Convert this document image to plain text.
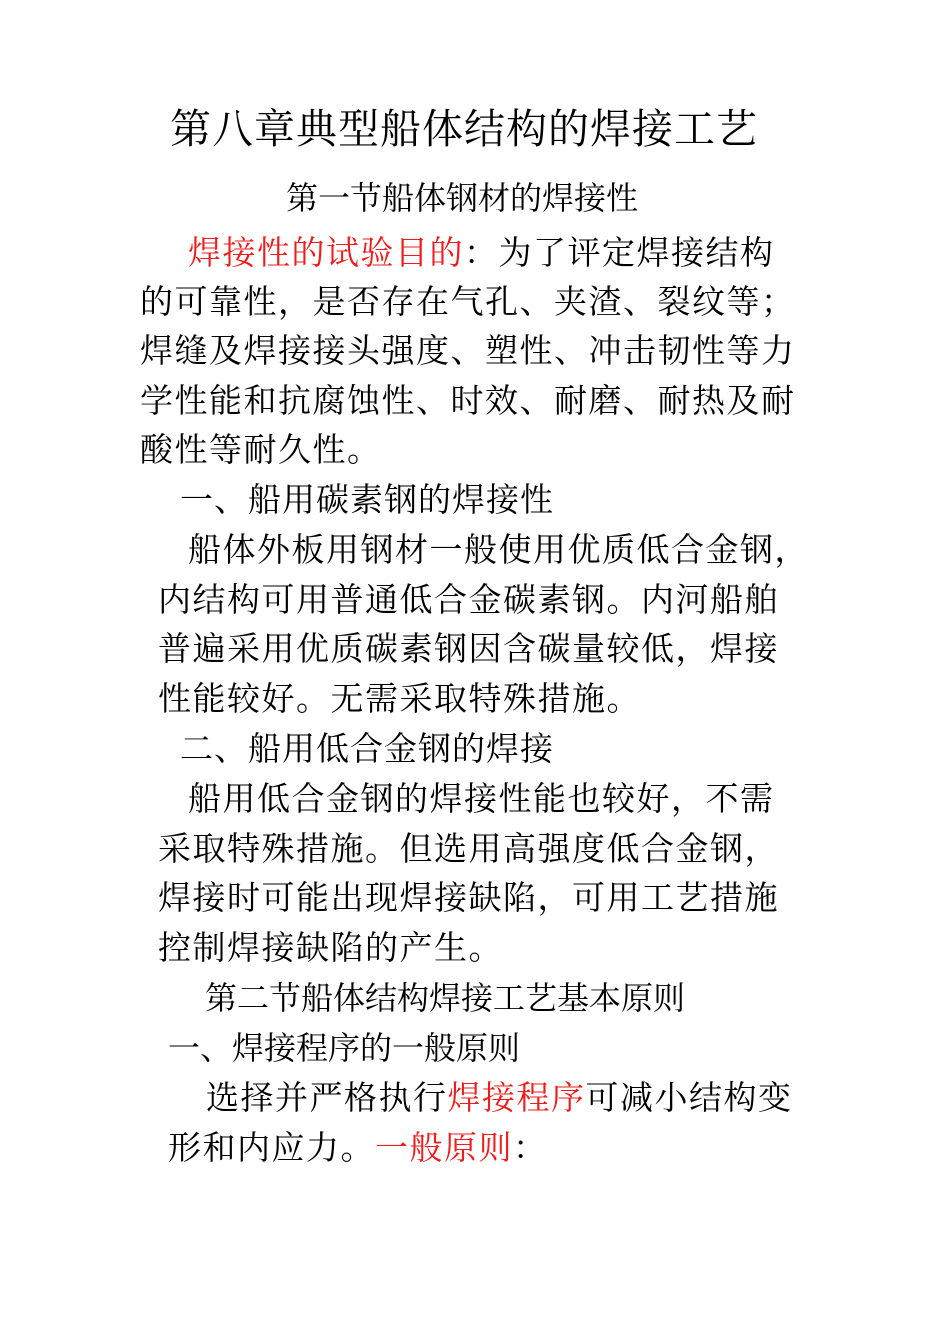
第八章典型船体结构的焊接工艺

第一节船体钢材的焊接性

焊接性的试验目的：为了评定焊接结构

的可靠性，是否存在气孔、夹渣、裂纹等；

焊缝及焊接接头强度、塑性、冲击韧性等力

学性能和抗腐蚀性、时效、耐磨、耐热及耐

酸性等耐久性。

一、船用碳素钢的焊接性

船体外板用钢材一般使用优质低合金钢，

内结构可用普通低合金碳素钢。内河船舶

普遍采用优质碳素钢因含碳量较低，焊接

性能较好。无需采取特殊措施。

二、船用低合金钢的焊接

船用低合金钢的焊接性能也较好，不需

采取特殊措施。但选用高强度低合金钢，

焊接时可能出现焊接缺陷，可用工艺措施

控制焊接缺陷的产生。

第二节船体结构焊接工艺基本原则

一、焊接程序的一般原则

选择并严格执行焊接程序可减小结构变

形和内应力。一般原则：
